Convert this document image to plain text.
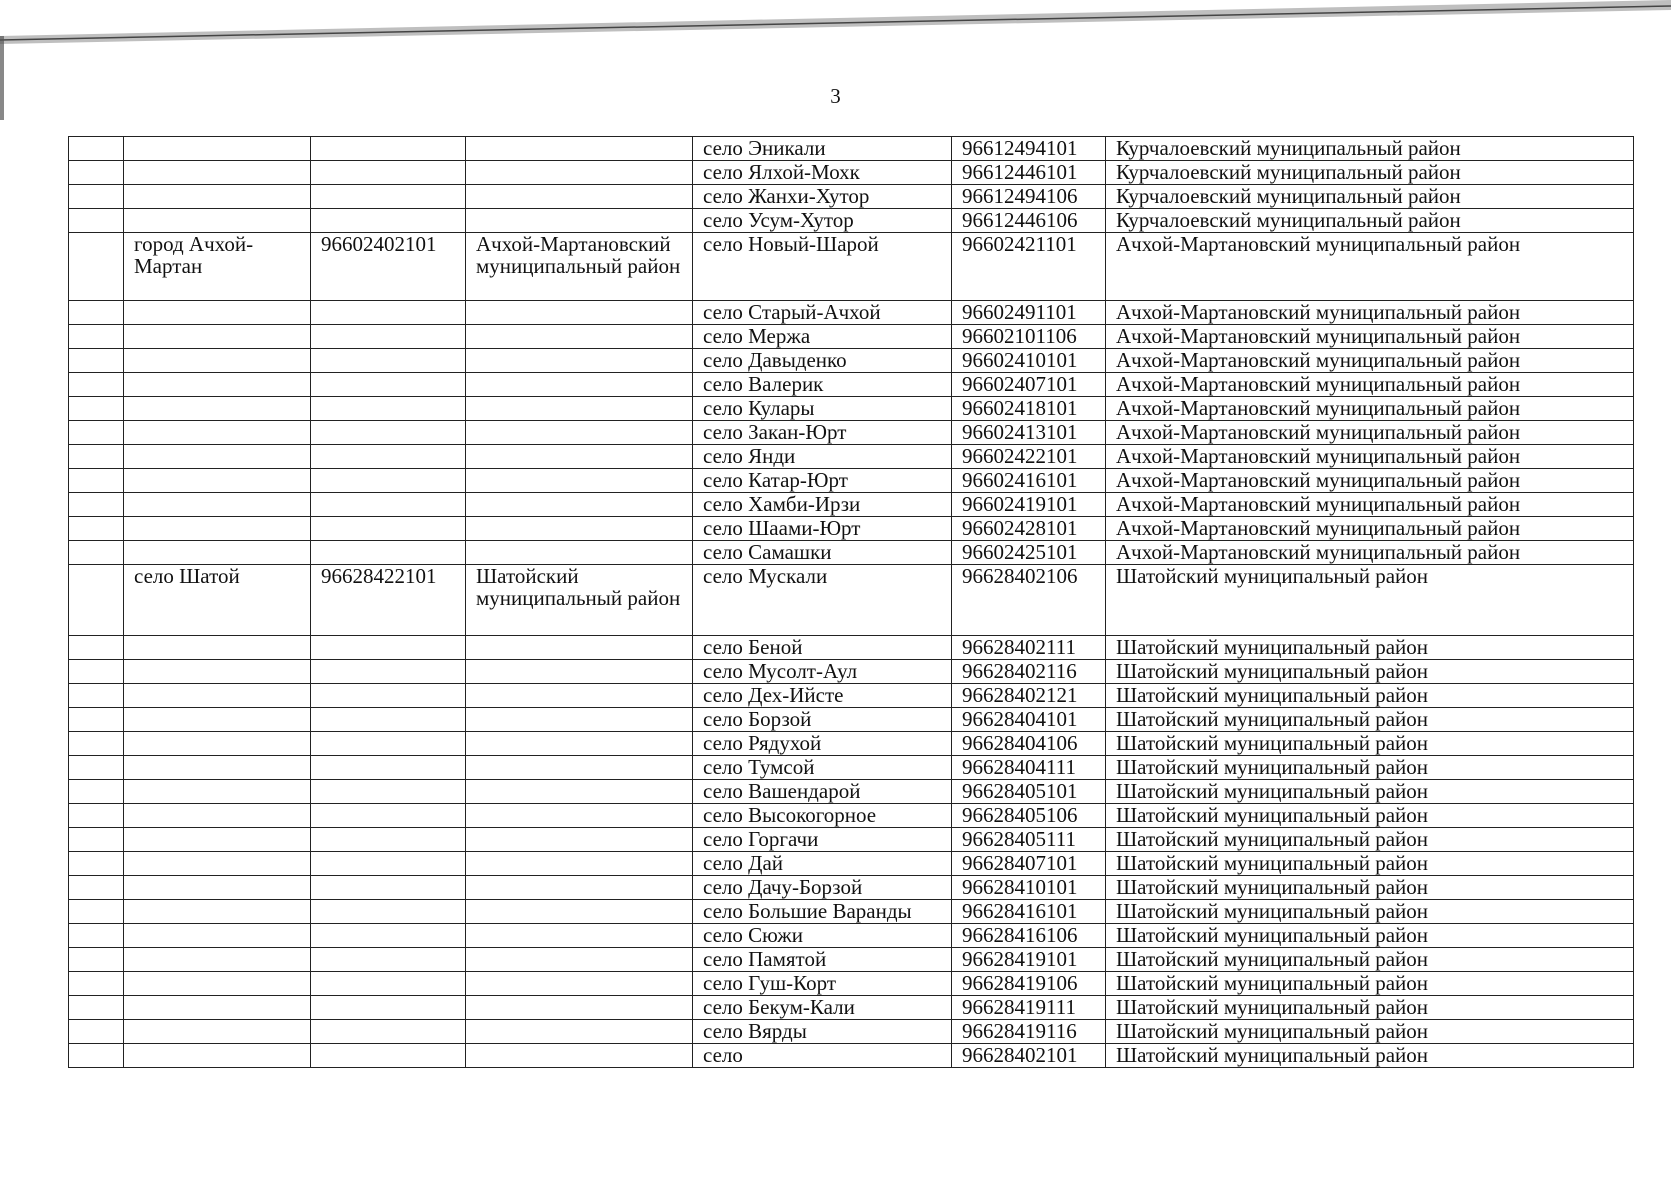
3
				село Эникали	96612494101	Курчалоевский муниципальный район
				село Ялхой-Мохк	96612446101	Курчалоевский муниципальный район
				село Жанхи-Хутор	96612494106	Курчалоевский муниципальный район
				село Усум-Хутор	96612446106	Курчалоевский муниципальный район
	город Ачхой-Мартан	96602402101	Ачхой-Мартановский муниципальный район	село Новый-Шарой	96602421101	Ачхой-Мартановский муниципальный район
				село Старый-Ачхой	96602491101	Ачхой-Мартановский муниципальный район
				село Мержа	96602101106	Ачхой-Мартановский муниципальный район
				село Давыденко	96602410101	Ачхой-Мартановский муниципальный район
				село Валерик	96602407101	Ачхой-Мартановский муниципальный район
				село Кулары	96602418101	Ачхой-Мартановский муниципальный район
				село Закан-Юрт	96602413101	Ачхой-Мартановский муниципальный район
				село Янди	96602422101	Ачхой-Мартановский муниципальный район
				село Катар-Юрт	96602416101	Ачхой-Мартановский муниципальный район
				село Хамби-Ирзи	96602419101	Ачхой-Мартановский муниципальный район
				село Шаами-Юрт	96602428101	Ачхой-Мартановский муниципальный район
				село Самашки	96602425101	Ачхой-Мартановский муниципальный район
	село Шатой	96628422101	Шатойский муниципальный район	село Мускали	96628402106	Шатойский муниципальный район
				село Беной	96628402111	Шатойский муниципальный район
				село Мусолт-Аул	96628402116	Шатойский муниципальный район
				село Дех-Ийсте	96628402121	Шатойский муниципальный район
				село Борзой	96628404101	Шатойский муниципальный район
				село Рядухой	96628404106	Шатойский муниципальный район
				село Тумсой	96628404111	Шатойский муниципальный район
				село Вашендарой	96628405101	Шатойский муниципальный район
				село Высокогорное	96628405106	Шатойский муниципальный район
				село Горгачи	96628405111	Шатойский муниципальный район
				село Дай	96628407101	Шатойский муниципальный район
				село Дачу-Борзой	96628410101	Шатойский муниципальный район
				село Большие Варанды	96628416101	Шатойский муниципальный район
				село Сюжи	96628416106	Шатойский муниципальный район
				село Памятой	96628419101	Шатойский муниципальный район
				село Гуш-Корт	96628419106	Шатойский муниципальный район
				село Бекум-Кали	96628419111	Шатойский муниципальный район
				село Вярды	96628419116	Шатойский муниципальный район
				село	96628402101	Шатойский муниципальный район
